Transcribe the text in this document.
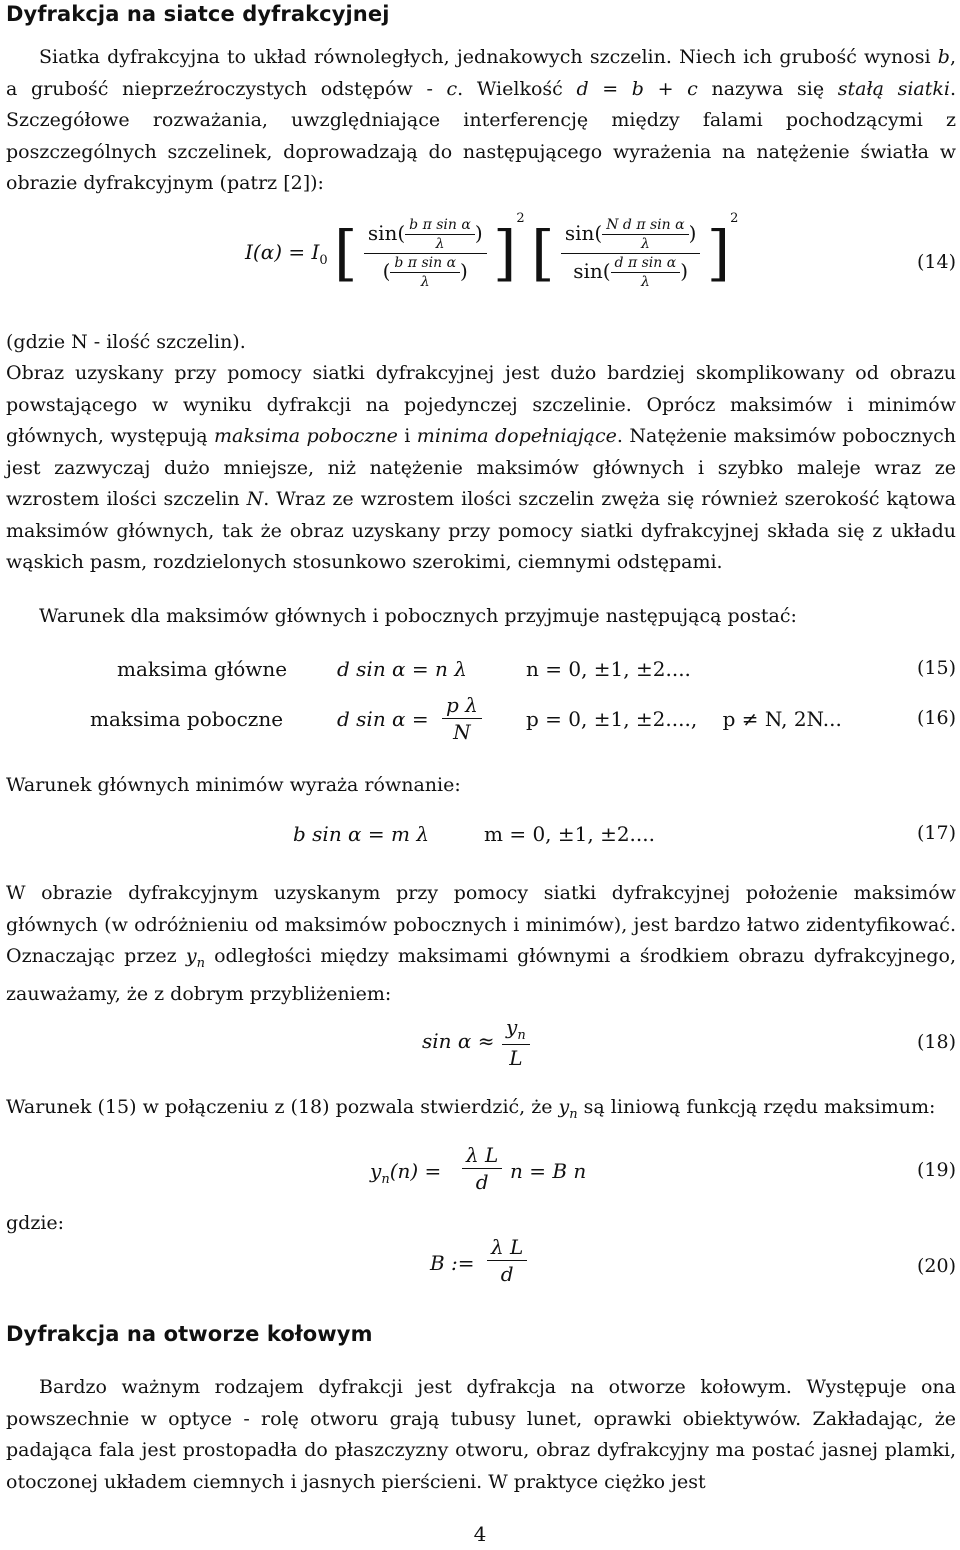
Dyfrakcja na siatce dyfrakcyjnej

Siatka dyfrakcyjna to układ równoległych, jednakowych szczelin. Niech ich grubość wynosi b, a grubość nieprzeźroczystych odstępów - c. Wielkość d = b + c nazywa się stałą siatki. Szczegółowe rozważania, uwzględniające interferencję między falami pochodzącymi z poszczególnych szczelinek, doprowadzają do następującego wyrażenia na natężenie światła w obrazie dyfrakcyjnym (patrz [2]):

$I(\alpha) = I_0$ [ $\frac{\sin( \frac{\text{b π sin α}}{\lambda} )}{( \frac{\text{b π sin α}}{\lambda} )} ]^2$ [ $\frac{\sin( \frac{\text{N d π sin α}}{\lambda} )}{\sin( \frac{\text{d π sin α}}{\lambda} )} ]^2$
(14)

(gdzie N - ilość szczelin).

Obraz uzyskany przy pomocy siatki dyfrakcyjnej jest dużo bardziej skomplikowany od obrazu powstającego w wyniku dyfrakcji na pojedynczej szczelinie. Oprócz maksimów i minimów głównych, występują maksima poboczne i minima dopełniające. Natężenie maksimów pobocznych jest zazwyczaj dużo mniejsze, niż natężenie maksimów głównych i szybko maleje wraz ze wzrostem ilości szczelin N. Wraz ze wzrostem ilości szczelin zwęża się również szerokość kątowa maksimów głównych, tak że obraz uzyskany przy pomocy siatki dyfrakcyjnej składa się z układu wąskich pasm, rozdzielonych stosunkowo szerokimi, ciemnymi odstępami.

Warunek dla maksimów głównych i pobocznych przyjmuje następującą postać:

maksima główne d sin α = n λ	n = 0, ±1, ±2....	(15)
maksima poboczne	d $\sin \alpha = \frac{\text{p λ}}{N}$ p = 0, ±1, ±2....,    p ≠ N, 2N...	(16)

Warunek głównych minimów wyraża równanie:

b sin α = m λ	m = 0, ±1, ±2....	(17)

W obrazie dyfrakcyjnym uzyskanym przy pomocy siatki dyfrakcyjnej położenie maksimów głównych (w odróżnieniu od maksimów pobocznych i minimów), jest bardzo łatwo zidentyfikować. Oznaczając przez $y_n$ odległości między maksimami głównymi a środkiem obrazu dyfrakcyjnego, zauważamy, że z dobrym przybliżeniem:

$\sin \alpha \approx \frac{y_n}{L}$	(18)

Warunek (15) w połączeniu z (18) pozwala stwierdzić, że $y_n$ są liniową funkcją rzędu maksimum:

$y_n(n) = \frac{\text{λ L}}{d}$ n = B n	(19)

gdzie:

B := $\frac{\text{λ L}}{d}$	(20)
Dyfrakcja na otworze kołowym

Bardzo ważnym rodzajem dyfrakcji jest dyfrakcja na otworze kołowym. Występuje ona powszechnie w optyce - rolę otworu grają tubusy lunet, oprawki obiektywów. Zakładając, że padająca fala jest prostopadła do płaszczyzny otworu, obraz dyfrakcyjny ma postać jasnej plamki, otoczonej układem ciemnych i jasnych pierścieni. W praktyce ciężko jest

4
